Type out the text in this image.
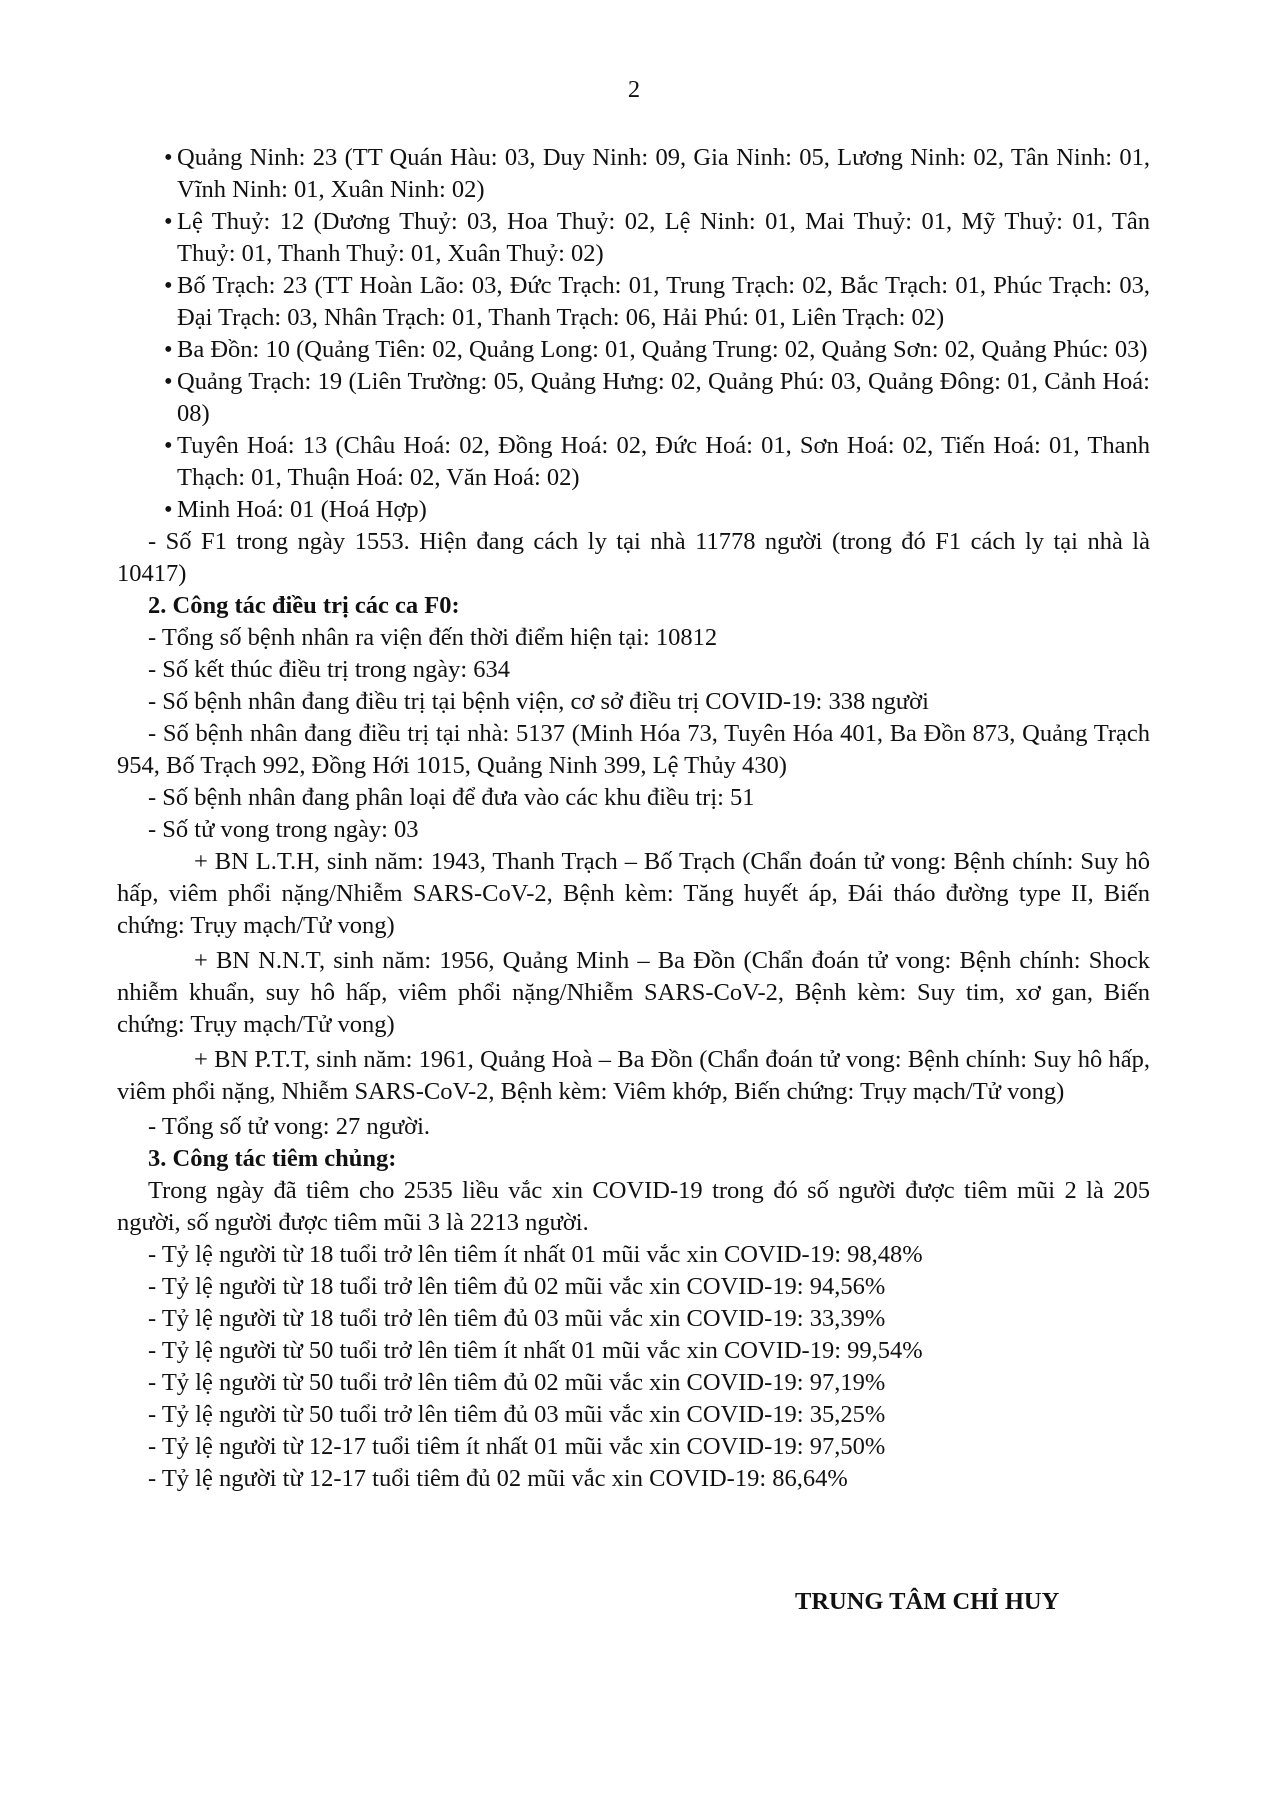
2
• Quảng Ninh: 23 (TT Quán Hàu: 03, Duy Ninh: 09, Gia Ninh: 05, Lương Ninh: 02, Tân Ninh: 01, Vĩnh Ninh: 01, Xuân Ninh: 02)
• Lệ Thuỷ: 12 (Dương Thuỷ: 03, Hoa Thuỷ: 02, Lệ Ninh: 01, Mai Thuỷ: 01, Mỹ Thuỷ: 01, Tân Thuỷ: 01, Thanh Thuỷ: 01, Xuân Thuỷ: 02)
• Bố Trạch: 23 (TT Hoàn Lão: 03, Đức Trạch: 01, Trung Trạch: 02, Bắc Trạch: 01, Phúc Trạch: 03, Đại Trạch: 03, Nhân Trạch: 01, Thanh Trạch: 06, Hải Phú: 01, Liên Trạch: 02)
• Ba Đồn: 10 (Quảng Tiên: 02, Quảng Long: 01, Quảng Trung: 02, Quảng Sơn: 02, Quảng Phúc: 03)
• Quảng Trạch: 19 (Liên Trường: 05, Quảng Hưng: 02, Quảng Phú: 03, Quảng Đông: 01, Cảnh Hoá: 08)
• Tuyên Hoá: 13 (Châu Hoá: 02, Đồng Hoá: 02, Đức Hoá: 01, Sơn Hoá: 02, Tiến Hoá: 01, Thanh Thạch: 01, Thuận Hoá: 02, Văn Hoá: 02)
• Minh Hoá: 01 (Hoá Hợp)

- Số F1 trong ngày 1553. Hiện đang cách ly tại nhà 11778 người (trong đó F1 cách ly tại nhà là 10417)

2. Công tác điều trị các ca F0:

- Tổng số bệnh nhân ra viện đến thời điểm hiện tại: 10812

- Số kết thúc điều trị trong ngày: 634

- Số bệnh nhân đang điều trị tại bệnh viện, cơ sở điều trị COVID-19: 338 người

- Số bệnh nhân đang điều trị tại nhà: 5137 (Minh Hóa 73, Tuyên Hóa 401, Ba Đồn 873, Quảng Trạch 954, Bố Trạch 992, Đồng Hới 1015, Quảng Ninh 399, Lệ Thủy 430)

- Số bệnh nhân đang phân loại để đưa vào các khu điều trị: 51

- Số tử vong trong ngày: 03

+ BN L.T.H, sinh năm: 1943, Thanh Trạch – Bố Trạch (Chẩn đoán tử vong: Bệnh chính: Suy hô hấp, viêm phổi nặng/Nhiễm SARS-CoV-2, Bệnh kèm: Tăng huyết áp, Đái tháo đường type II, Biến chứng: Trụy mạch/Tử vong)

+ BN N.N.T, sinh năm: 1956, Quảng Minh – Ba Đồn (Chẩn đoán tử vong: Bệnh chính: Shock nhiễm khuẩn, suy hô hấp, viêm phổi nặng/Nhiễm SARS-CoV-2, Bệnh kèm: Suy tim, xơ gan, Biến chứng: Trụy mạch/Tử vong)

+ BN P.T.T, sinh năm: 1961, Quảng Hoà – Ba Đồn (Chẩn đoán tử vong: Bệnh chính: Suy hô hấp, viêm phổi nặng, Nhiễm SARS-CoV-2, Bệnh kèm: Viêm khớp, Biến chứng: Trụy mạch/Tử vong)

- Tổng số tử vong: 27 người.

3. Công tác tiêm chủng:

Trong ngày đã tiêm cho 2535 liều vắc xin COVID-19 trong đó số người được tiêm mũi 2 là 205 người, số người được tiêm mũi 3 là 2213 người.

- Tỷ lệ người từ 18 tuổi trở lên tiêm ít nhất 01 mũi vắc xin COVID-19: 98,48%

- Tỷ lệ người từ 18 tuổi trở lên tiêm đủ 02 mũi vắc xin COVID-19: 94,56%

- Tỷ lệ người từ 18 tuổi trở lên tiêm đủ 03 mũi vắc xin COVID-19: 33,39%

- Tỷ lệ người từ 50 tuổi trở lên tiêm ít nhất 01 mũi vắc xin COVID-19: 99,54%

- Tỷ lệ người từ 50 tuổi trở lên tiêm đủ 02 mũi vắc xin COVID-19: 97,19%

- Tỷ lệ người từ 50 tuổi trở lên tiêm đủ 03 mũi vắc xin COVID-19: 35,25%

- Tỷ lệ người từ 12-17 tuổi tiêm ít nhất 01 mũi vắc xin COVID-19: 97,50%

- Tỷ lệ người từ 12-17 tuổi tiêm đủ 02 mũi vắc xin COVID-19: 86,64%

TRUNG TÂM CHỈ HUY
